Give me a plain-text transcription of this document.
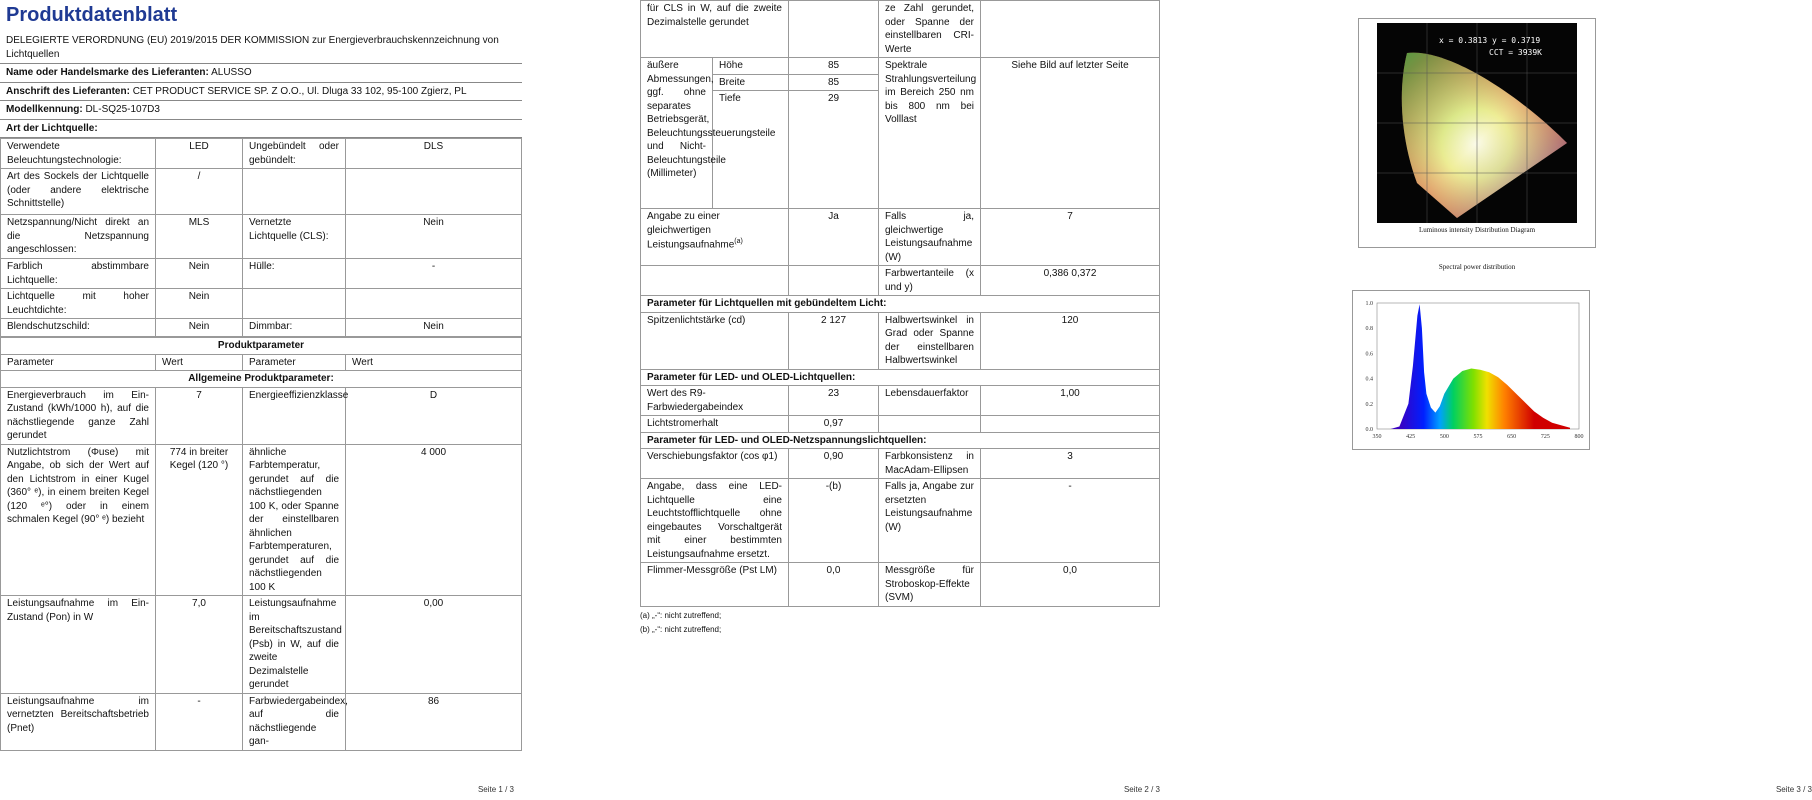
Produktdatenblatt
DELEGIERTE VERORDNUNG (EU) 2019/2015 DER KOMMISSION zur Energieverbrauchskennzeichnung von Lichtquellen
Name oder Handelsmarke des Lieferanten: ALUSSO
Anschrift des Lieferanten: CET PRODUCT SERVICE SP. Z O.O., Ul. Dluga 33 102, 95-100 Zgierz, PL
Modellkennung: DL-SQ25-107D3
Art der Lichtquelle:
Verwendete Beleuchtungstechnologie:	LED	Ungebündelt oder gebündelt:	DLS
Art des Sockels der Lichtquelle (oder andere elektrische Schnittstelle)	/		
Netzspannung/Nicht direkt an die Netzspannung angeschlossen:	MLS	Vernetzte Lichtquelle (CLS):	Nein
Farblich abstimmbare Lichtquelle:	Nein	Hülle:	-
Lichtquelle mit hoher Leuchtdichte:	Nein		
Blendschutzschild:	Nein	Dimmbar:	Nein
Produktparameter			
Parameter	Wert	Parameter	Wert
Allgemeine Produktparameter:			
Energieverbrauch im Ein-Zustand (kWh/1000 h), auf die nächstliegende ganze Zahl gerundet	7	Energieeffizienzklasse	D
Nutzlichtstrom (Φuse) mit Angabe, ob sich der Wert auf den Lichtstrom in einer Kugel (360° ᵉ), in einem breiten Kegel (120 ᵉ°) oder in einem schmalen Kegel (90° ᵉ) bezieht	774 in breiter Kegel (120 °)	ähnliche Farbtemperatur, gerundet auf die nächstliegenden 100 K, oder Spanne der einstellbaren ähnlichen Farbtemperaturen, gerundet auf die nächstliegenden 100 K	4 000
Leistungsaufnahme im Ein-Zustand (Pon) in W	7,0	Leistungsaufnahme im Bereitschaftszustand (Psb) in W, auf die zweite Dezimalstelle gerundet	0,00
Leistungsaufnahme im vernetzten Bereitschaftsbetrieb (Pnet)	-	Farbwiedergabeindex, auf die nächstliegende gan-	86
Seite 1 / 3
für CLS in W, auf die zweite Dezimalstelle gerundet			ze Zahl gerundet, oder Spanne der einstellbaren CRI-Werte	
äußere Abmessungen, ggf. ohne separates Betriebsgerät, Beleuchtungssteuerungsteile und Nicht-Beleuchtungsteile (Millimeter)	Höhe	85	Spektrale Strahlungsverteilung im Bereich 250 nm bis 800 nm bei Volllast	Siehe Bild auf letzter Seite
	Breite	85		
	Tiefe	29		
Angabe zu einer gleichwertigen Leistungsaufnahme$^{(a)}$		Ja	Falls ja, gleichwertige Leistungsaufnahme (W)	7
			Farbwertanteile (x und y)	0,386 0,372
Parameter für Lichtquellen mit gebündeltem Licht:				
Spitzenlichtstärke (cd)		2 127	Halbwertswinkel in Grad oder Spanne der einstellbaren Halbwertswinkel	120
Parameter für LED- und OLED-Lichtquellen:				
Wert des R9-Farbwiedergabeindex		23	Lebensdauerfaktor	1,00
Lichtstromerhalt		0,97		
Parameter für LED- und OLED-Netzspannungslichtquellen:				
Verschiebungsfaktor (cos φ1)		0,90	Farbkonsistenz in MacAdam-Ellipsen	3
Angabe, dass eine LED-Lichtquelle eine Leuchtstofflichtquelle ohne eingebautes Vorschaltgerät mit einer bestimmten Leistungsaufnahme ersetzt.		-(b)	Falls ja, Angabe zur ersetzten Leistungsaufnahme (W)	-
Flimmer-Messgröße (Pst LM)		0,0	Messgröße für Stroboskop-Effekte (SVM)	0,0
(a) „-“: nicht zutreffend;
(b) „-“: nicht zutreffend;
Seite 2 / 3
x = 0.3813 y = 0.3719
CCT = 3939K
Luminous intensity Distribution Diagram
Spectral power distribution
350	425	500	575	650	725	800
1.0
0.8
0.6
0.4
0.2
0.0
Seite 3 / 3
